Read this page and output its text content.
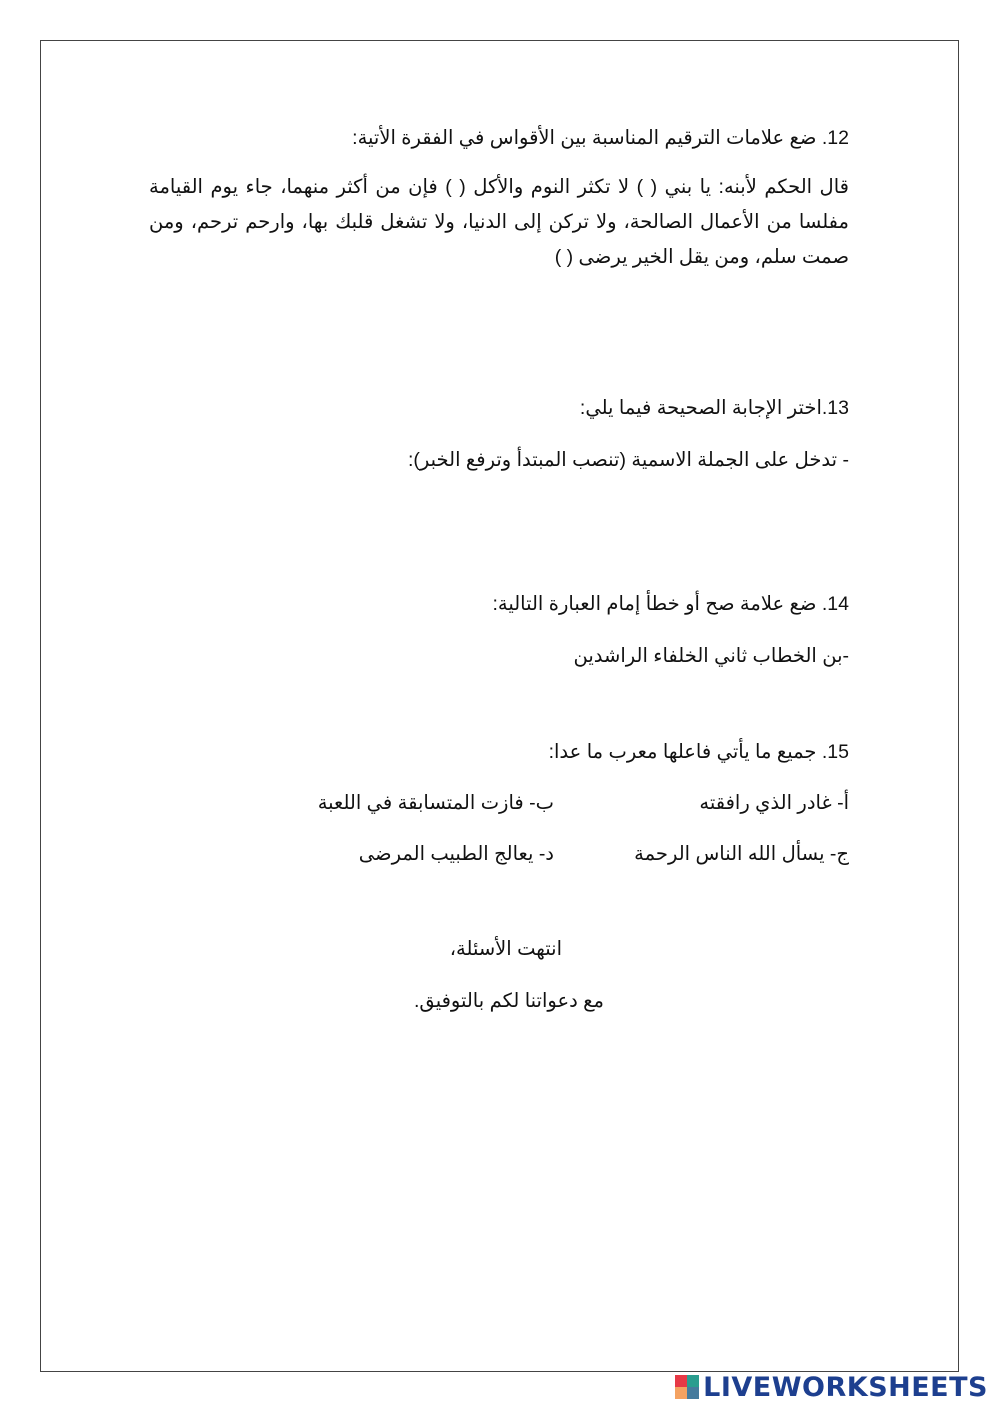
12. ضع علامات الترقيم المناسبة بين الأقواس في الفقرة الأتية:
قال الحكم لأبنه: يا بني ( ) لا تكثر النوم والأكل ( ) فإن من أكثر منهما، جاء يوم القيامة مفلسا من الأعمال الصالحة، ولا تركن إلى الدنيا، ولا تشغل قلبك بها، وارحم ترحم، ومن صمت سلم، ومن يقل الخير يرضى ( )
13.اختر الإجابة الصحيحة فيما يلي:
- تدخل على الجملة الاسمية (تنصب المبتدأ وترفع الخبر):
14. ضع علامة صح أو خطأ إمام العبارة التالية:
-بن الخطاب ثاني الخلفاء الراشدين
15. جميع ما يأتي فاعلها معرب ما عدا:
أ- غادر الذي رافقته
ب- فازت المتسابقة في اللعبة
ج- يسأل الله الناس الرحمة
د- يعالج الطبيب المرضى
انتهت الأسئلة،
مع دعواتنا لكم بالتوفيق.
LIVEWORKSHEETS
